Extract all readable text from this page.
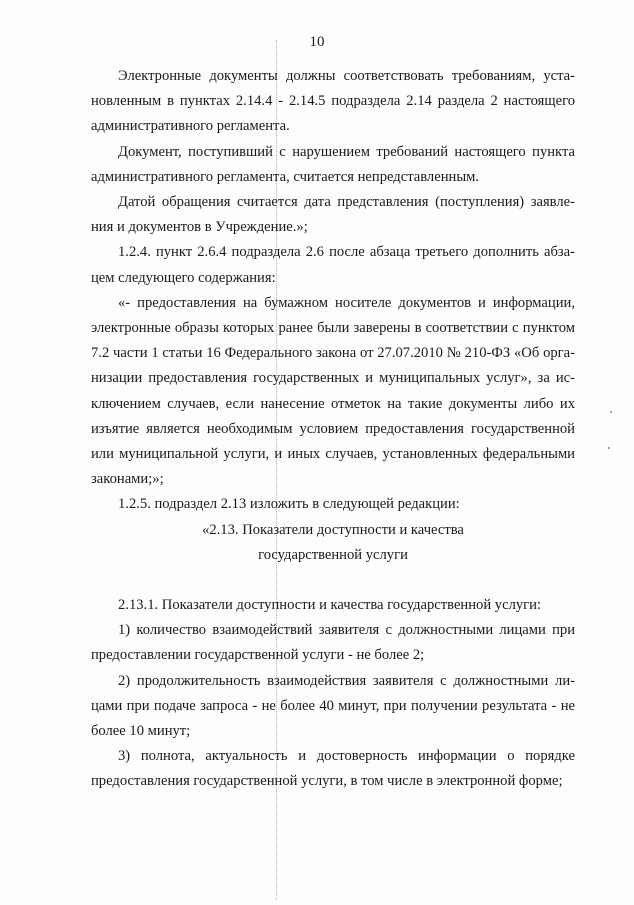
10
Электронные документы должны соответствовать требованиям, уста-
новленным в пунктах 2.14.4 - 2.14.5 подраздела 2.14 раздела 2 настоящего
административного регламента.
Документ, поступивший с нарушением требований настоящего пункта
административного регламента, считается непредставленным.
Датой обращения считается дата представления (поступления) заявле-
ния и документов в Учреждение.»;
1.2.4. пункт 2.6.4 подраздела 2.6 после абзаца третьего дополнить абза-
цем следующего содержания:
«- предоставления на бумажном носителе документов и информации,
электронные образы которых ранее были заверены в соответствии с пунктом
7.2 части 1 статьи 16 Федерального закона от 27.07.2010 № 210-ФЗ «Об орга-
низации предоставления государственных и муниципальных услуг», за ис-
ключением случаев, если нанесение отметок на такие документы либо их
изъятие является необходимым условием предоставления государственной
или муниципальной услуги, и иных случаев, установленных федеральными
законами;»;
1.2.5. подраздел 2.13 изложить в следующей редакции:
«2.13. Показатели доступности и качества
государственной услуги
2.13.1. Показатели доступности и качества государственной услуги:
1) количество взаимодействий заявителя с должностными лицами при
предоставлении государственной услуги - не более 2;
2) продолжительность взаимодействия заявителя с должностными ли-
цами при подаче запроса - не более 40 минут, при получении результата - не
более 10 минут;
3) полнота, актуальность и достоверность информации о порядке
предоставления государственной услуги, в том числе в электронной форме;
